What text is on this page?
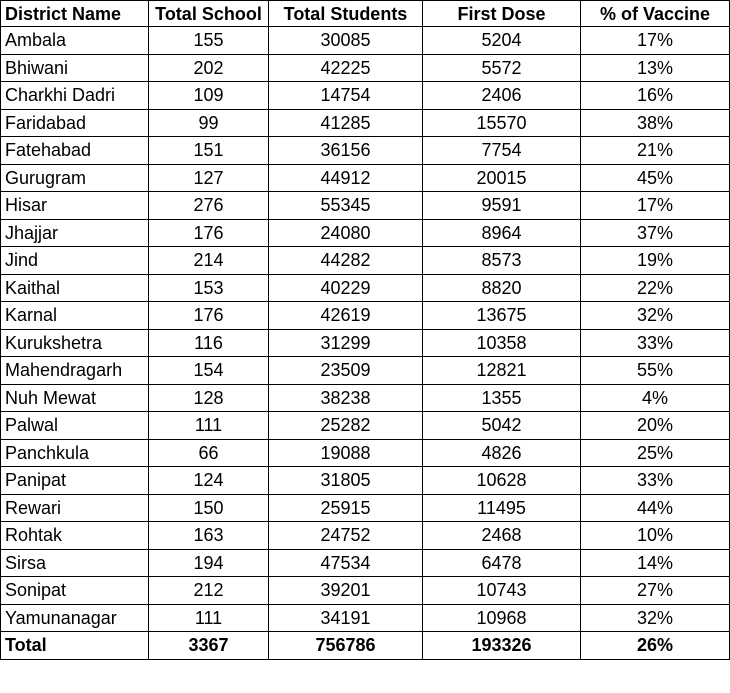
District Name	Total School	Total Students	First Dose	% of Vaccine
Ambala	155	30085	5204	17%
Bhiwani	202	42225	5572	13%
Charkhi Dadri	109	14754	2406	16%
Faridabad	99	41285	15570	38%
Fatehabad	151	36156	7754	21%
Gurugram	127	44912	20015	45%
Hisar	276	55345	9591	17%
Jhajjar	176	24080	8964	37%
Jind	214	44282	8573	19%
Kaithal	153	40229	8820	22%
Karnal	176	42619	13675	32%
Kurukshetra	116	31299	10358	33%
Mahendragarh	154	23509	12821	55%
Nuh Mewat	128	38238	1355	4%
Palwal	111	25282	5042	20%
Panchkula	66	19088	4826	25%
Panipat	124	31805	10628	33%
Rewari	150	25915	11495	44%
Rohtak	163	24752	2468	10%
Sirsa	194	47534	6478	14%
Sonipat	212	39201	10743	27%
Yamunanagar	111	34191	10968	32%
Total	3367	756786	193326	26%
